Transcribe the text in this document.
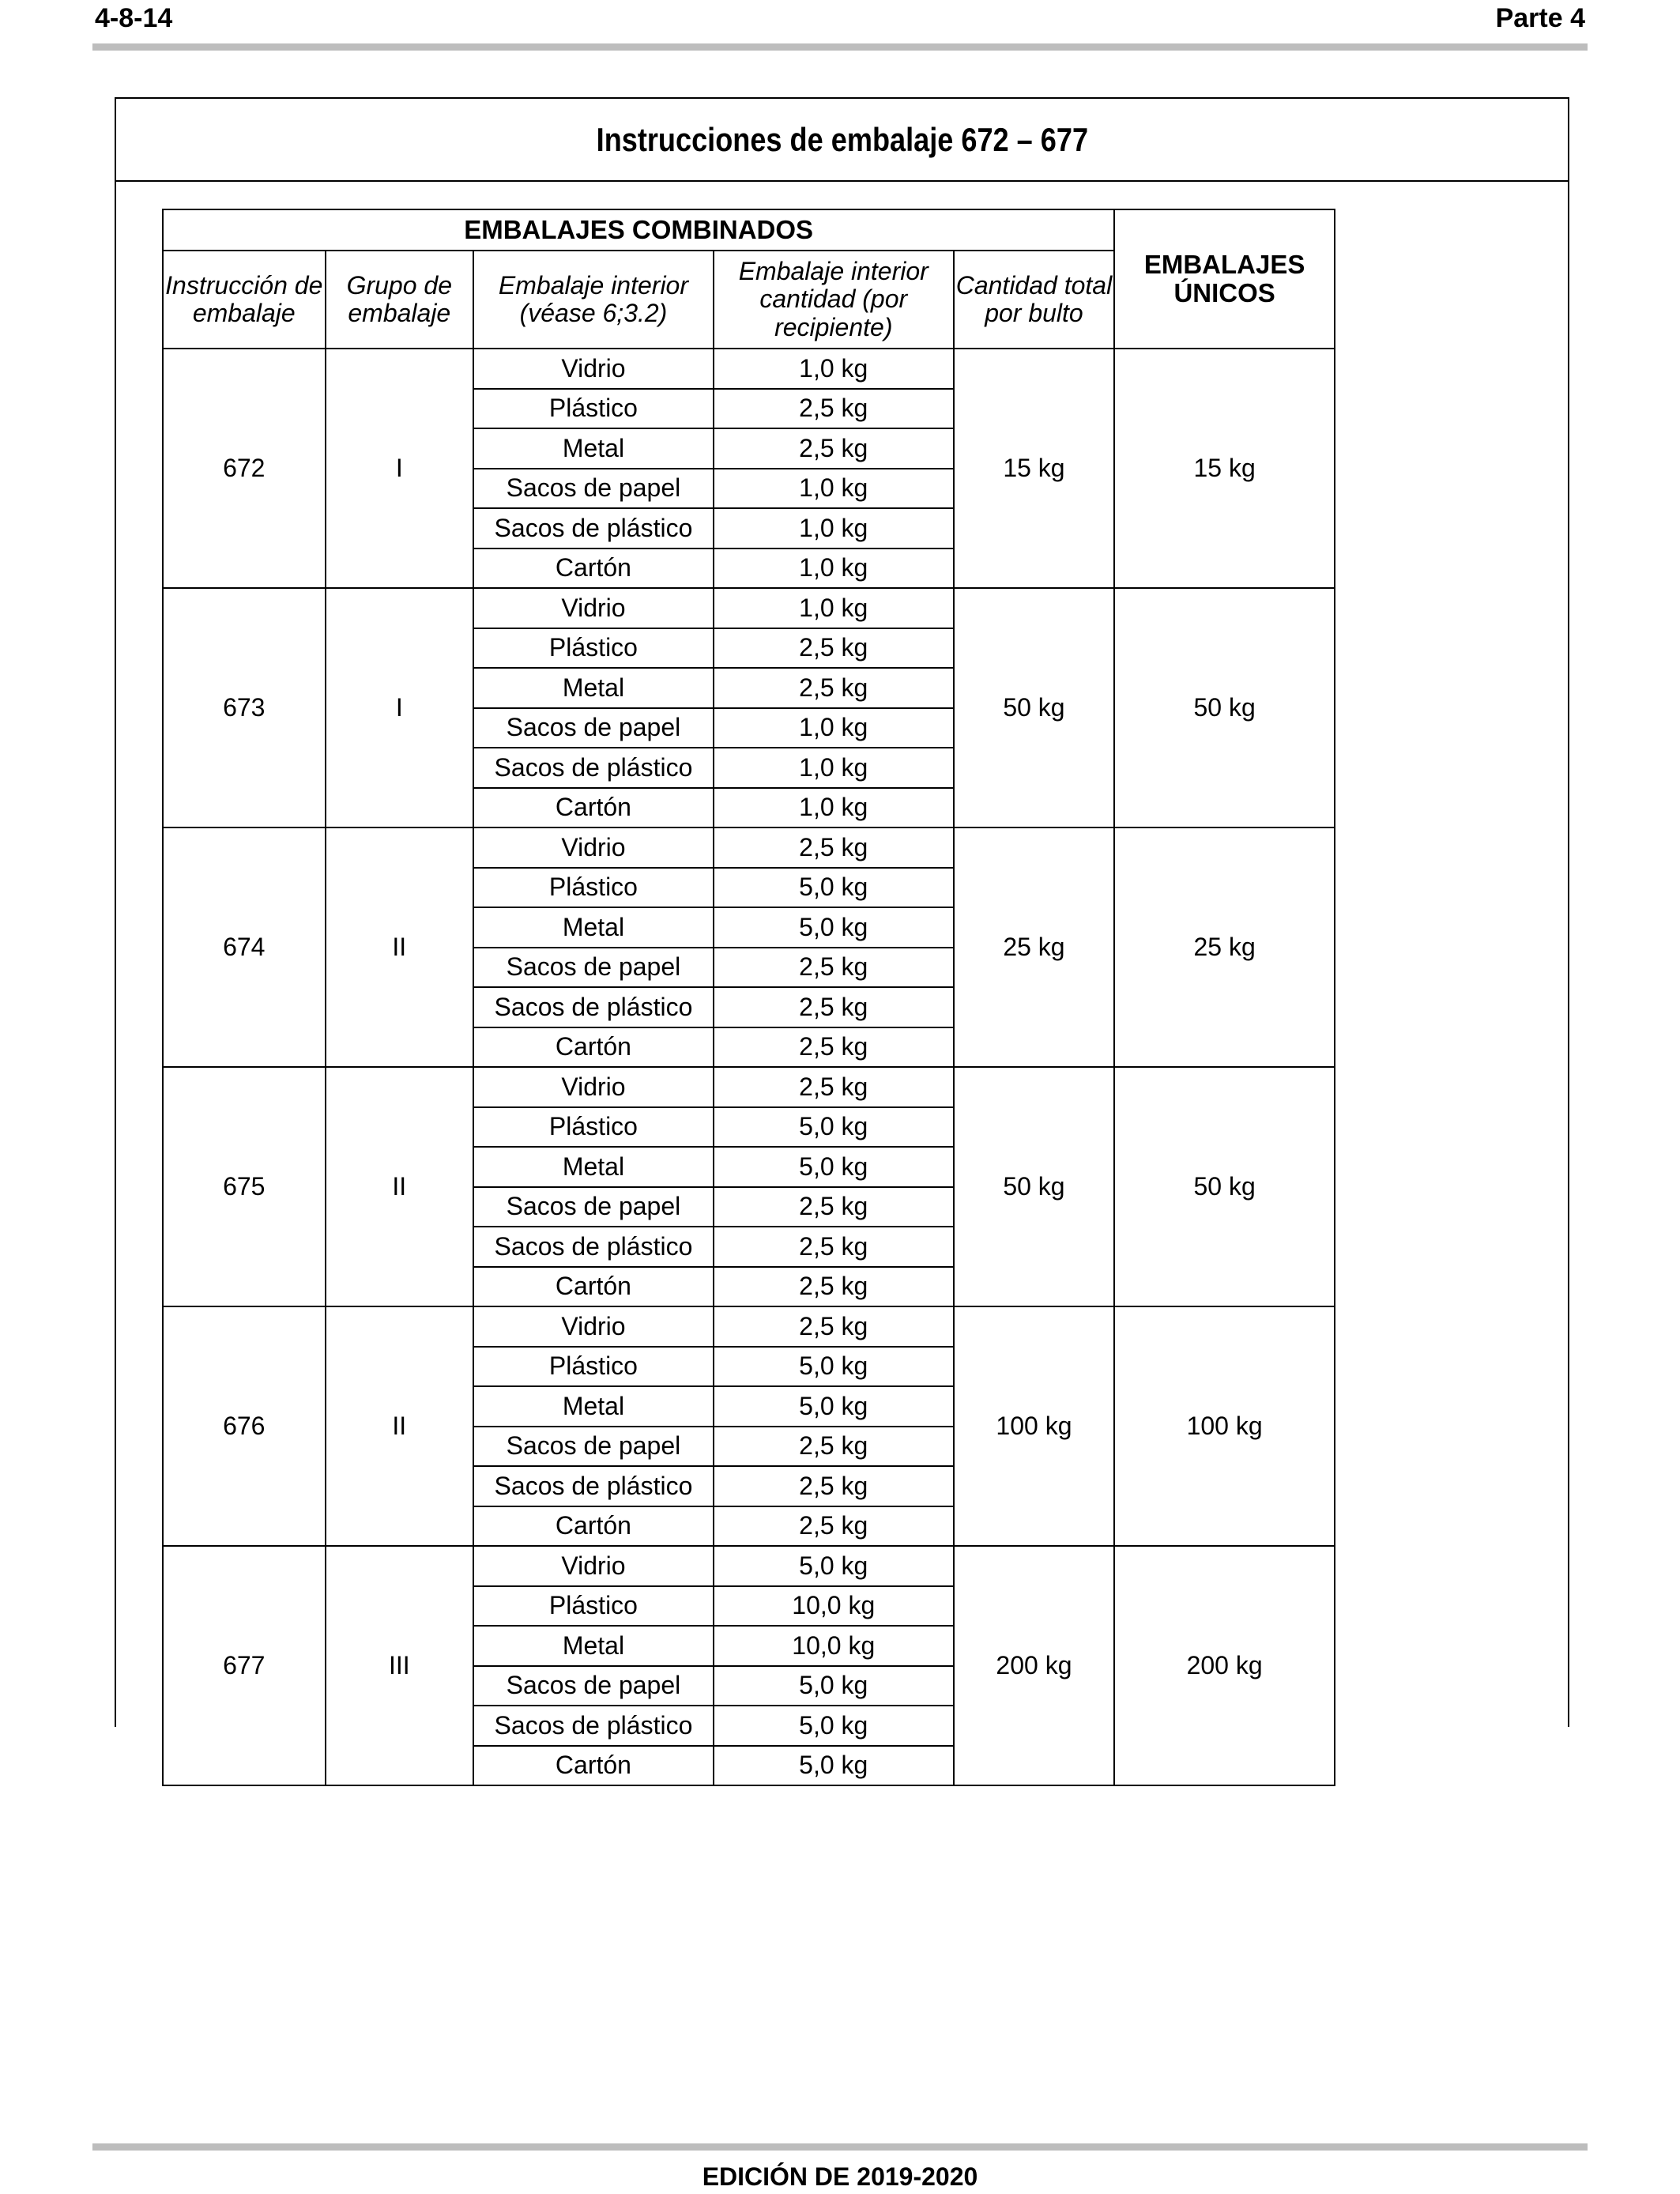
4-8-14	Parte 4
Instrucciones de embalaje 672 – 677
EMBALAJES COMBINADOS					EMBALAJES ÚNICOS
Instrucción de embalaje	Grupo de embalaje	Embalaje interior (véase 6;3.2)	Embalaje interior cantidad (por recipiente)	Cantidad total por bulto	
672	I	Vidrio	1,0 kg	15 kg	15 kg
		Plástico	2,5 kg		
		Metal	2,5 kg		
		Sacos de papel	1,0 kg		
		Sacos de plástico	1,0 kg		
		Cartón	1,0 kg		
673	I	Vidrio	1,0 kg	50 kg	50 kg
		Plástico	2,5 kg		
		Metal	2,5 kg		
		Sacos de papel	1,0 kg		
		Sacos de plástico	1,0 kg		
		Cartón	1,0 kg		
674	II	Vidrio	2,5 kg	25 kg	25 kg
		Plástico	5,0 kg		
		Metal	5,0 kg		
		Sacos de papel	2,5 kg		
		Sacos de plástico	2,5 kg		
		Cartón	2,5 kg		
675	II	Vidrio	2,5 kg	50 kg	50 kg
		Plástico	5,0 kg		
		Metal	5,0 kg		
		Sacos de papel	2,5 kg		
		Sacos de plástico	2,5 kg		
		Cartón	2,5 kg		
676	II	Vidrio	2,5 kg	100 kg	100 kg
		Plástico	5,0 kg		
		Metal	5,0 kg		
		Sacos de papel	2,5 kg		
		Sacos de plástico	2,5 kg		
		Cartón	2,5 kg		
677	III	Vidrio	5,0 kg	200 kg	200 kg
		Plástico	10,0 kg		
		Metal	10,0 kg		
		Sacos de papel	5,0 kg		
		Sacos de plástico	5,0 kg		
		Cartón	5,0 kg		
EDICIÓN DE 2019-2020
